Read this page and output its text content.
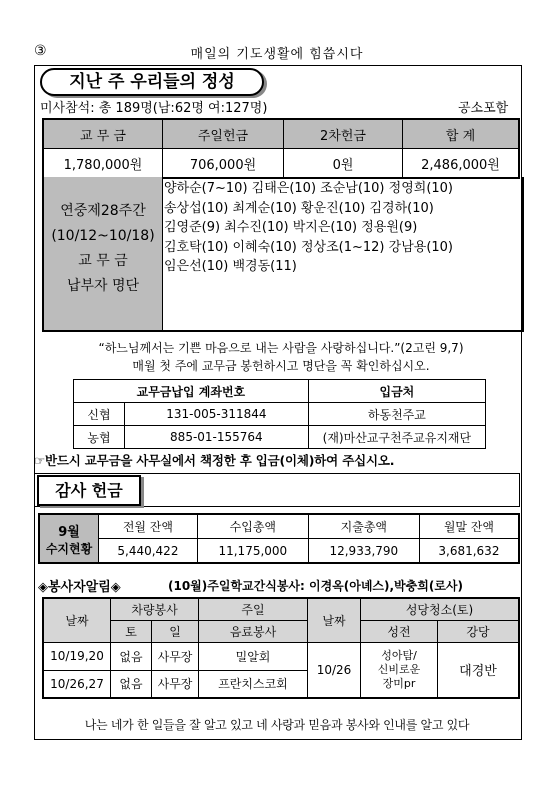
③	매일의 기도생활에 힘씁시다
지난 주 우리들의 정성
미사참석: 총 189명(남:62명 여:127명)	공소포함
교 무 금	주일헌금	2차헌금	합 계
1,780,000원	706,000원	0원	2,486,000원
연중제28주간
(10/12~10/18)
교 무 금
납부자 명단
양하순(7~10) 김태은(10) 조순남(10) 정영희(10)
송상섭(10) 최계순(10) 황운진(10) 김경하(10)
김영준(9) 최수진(10) 박지은(10) 정용원(9)
김호탁(10) 이혜숙(10) 정상조(1~12) 강남용(10)
임은선(10) 백경동(11)
“하느님께서는 기쁜 마음으로 내는 사람을 사랑하십니다.”(2고린 9,7)
매월 첫 주에 교무금 봉헌하시고 명단을 꼭 확인하십시오.
교무금납입 계좌번호		입금처
신협	131-005-311844	하동천주교
농협	885-01-155764	(재)마산교구천주교유지재단
☞반드시 교무금을 사무실에서 책정한 후 입금(이체)하여 주십시오.
감사 헌금
9월
수지현황	전월 잔액	수입총액	지출총액	월말 잔액
	5,440,422	11,175,000	12,933,790	3,681,632
◈봉사자알림◈	(10월)주일학교간식봉사: 이경옥(아녜스),박충희(로사)
날짜	차량봉사		주일	날짜	성당청소(토)	
	토	일	음료봉사		성전	강당
10/19,20	없음	사무장	밀알회	10/26	성아탐/
신비로운
장미pr	대경반
10/26,27	없음	사무장	프란치스코회			
나는 네가 한 일들을 잘 알고 있고 네 사랑과 믿음과 봉사와 인내를 알고 있다
